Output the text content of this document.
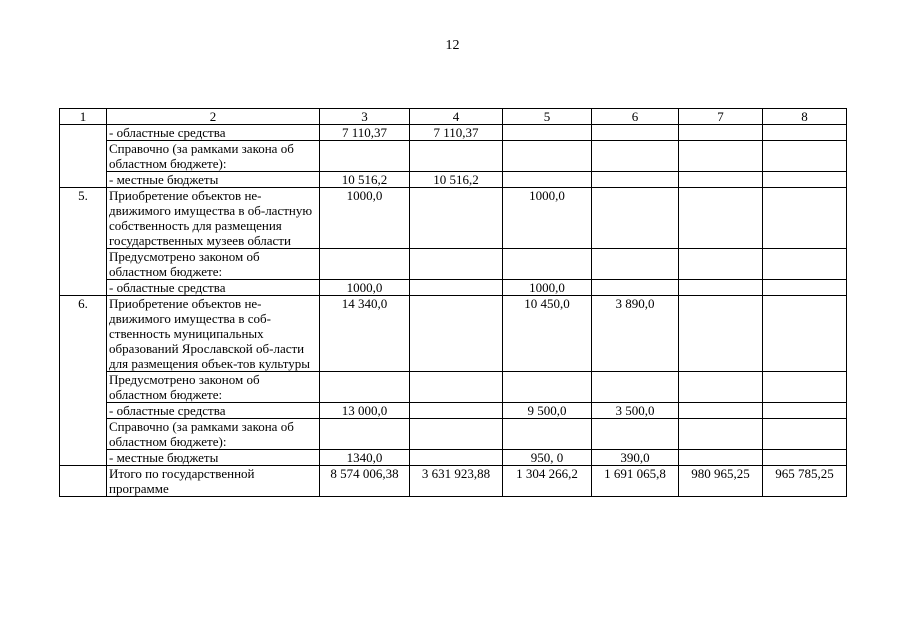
12
1	2	3	4	5	6	7	8
	- областные средства	7 110,37	7 110,37				
	Справочно (за рамками закона об областном бюджете):						
	- местные бюджеты	10 516,2	10 516,2				
5.	Приобретение объектов не-движимого имущества в об-ластную собственность для размещения государственных музеев области	1000,0		1000,0			
	Предусмотрено законом об областном бюджете:						
	- областные средства	1000,0		1000,0			
6.	Приобретение объектов не-движимого имущества в соб-ственность муниципальных образований Ярославской об-ласти для размещения объек-тов культуры	14 340,0		10 450,0	3 890,0		
	Предусмотрено законом об областном бюджете:						
	- областные средства	13 000,0		9 500,0	3 500,0		
	Справочно (за рамками закона об областном бюджете):						
	- местные бюджеты	1340,0		950, 0	390,0		
	Итого по государственной программе	8 574 006,38	3 631 923,88	1 304 266,2	1 691 065,8	980 965,25	965 785,25
